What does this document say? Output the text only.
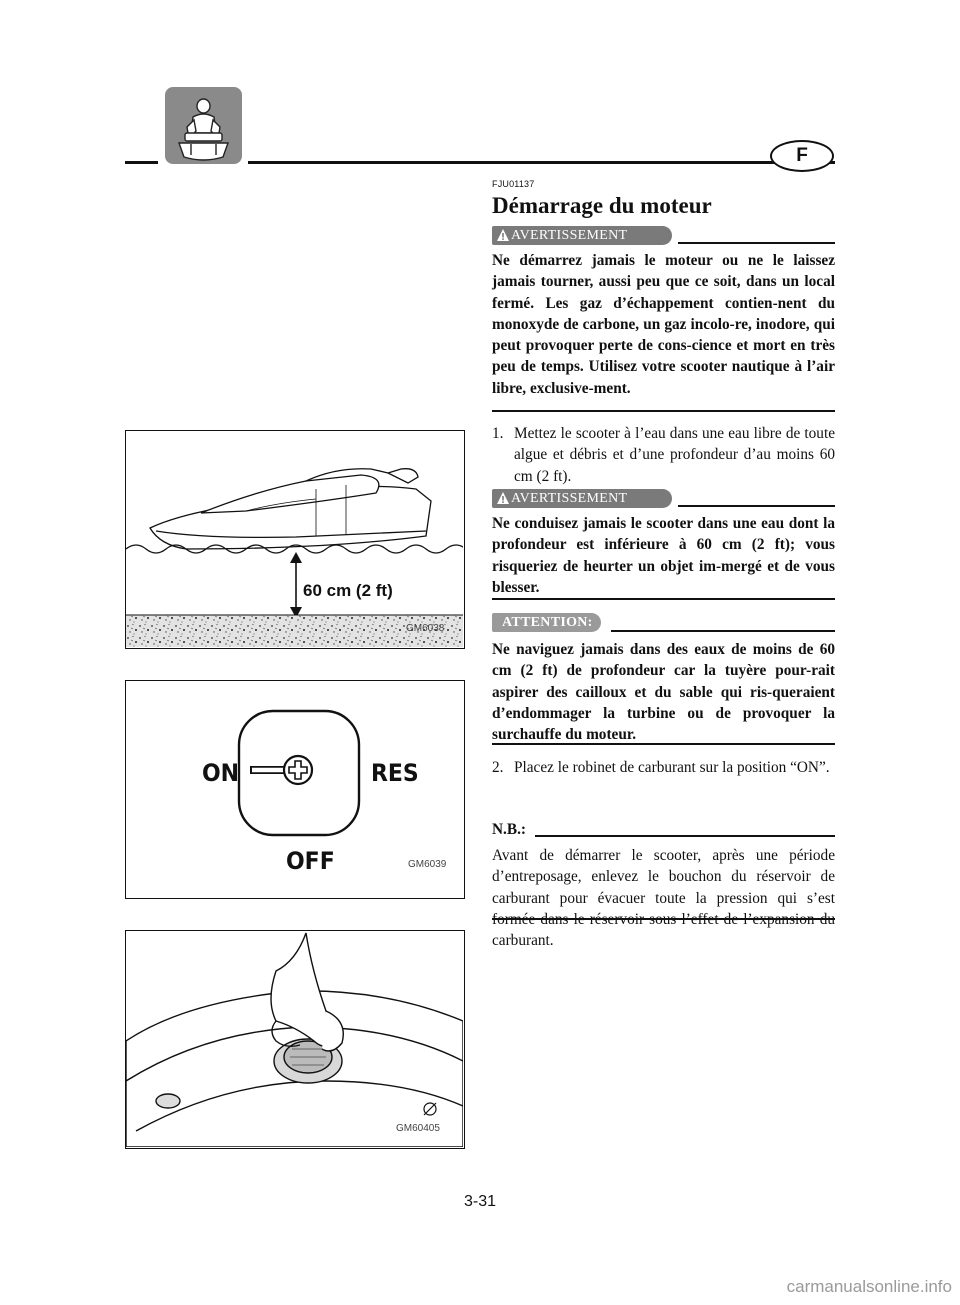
F
FJU01137
Démarrage du moteur
AVERTISSEMENT
Ne démarrez jamais le moteur ou ne le laissez jamais tourner, aussi peu que ce soit, dans un local fermé. Les gaz d’échappement contien-nent du monoxyde de carbone, un gaz incolo-re, inodore, qui peut provoquer perte de cons-cience et mort en très peu de temps. Utilisez votre scooter nautique à l’air libre, exclusive-ment.
1. Mettez le scooter à l’eau dans une eau libre de toute algue et débris et d’une profondeur d’au moins 60 cm (2 ft).
AVERTISSEMENT
Ne conduisez jamais le scooter dans une eau dont la profondeur est inférieure à 60 cm (2 ft); vous risqueriez de heurter un objet im-mergé et de vous blesser.
ATTENTION:
Ne naviguez jamais dans des eaux de moins de 60 cm (2 ft) de profondeur car la tuyère pour-rait aspirer des cailloux et du sable qui ris-queraient d’endommager la turbine ou de provoquer la surchauffe du moteur.
2. Placez le robinet de carburant sur la position “ON”.
N.B.:
Avant de démarrer le scooter, après une période d’entreposage, enlevez le bouchon du réservoir de carburant pour évacuer toute la pression qui s’est carburant.
60 cm (2 ft)
GM6038
ON	RES
OFF	GM6039
GM60405
3-31
carmanualsonline.info
